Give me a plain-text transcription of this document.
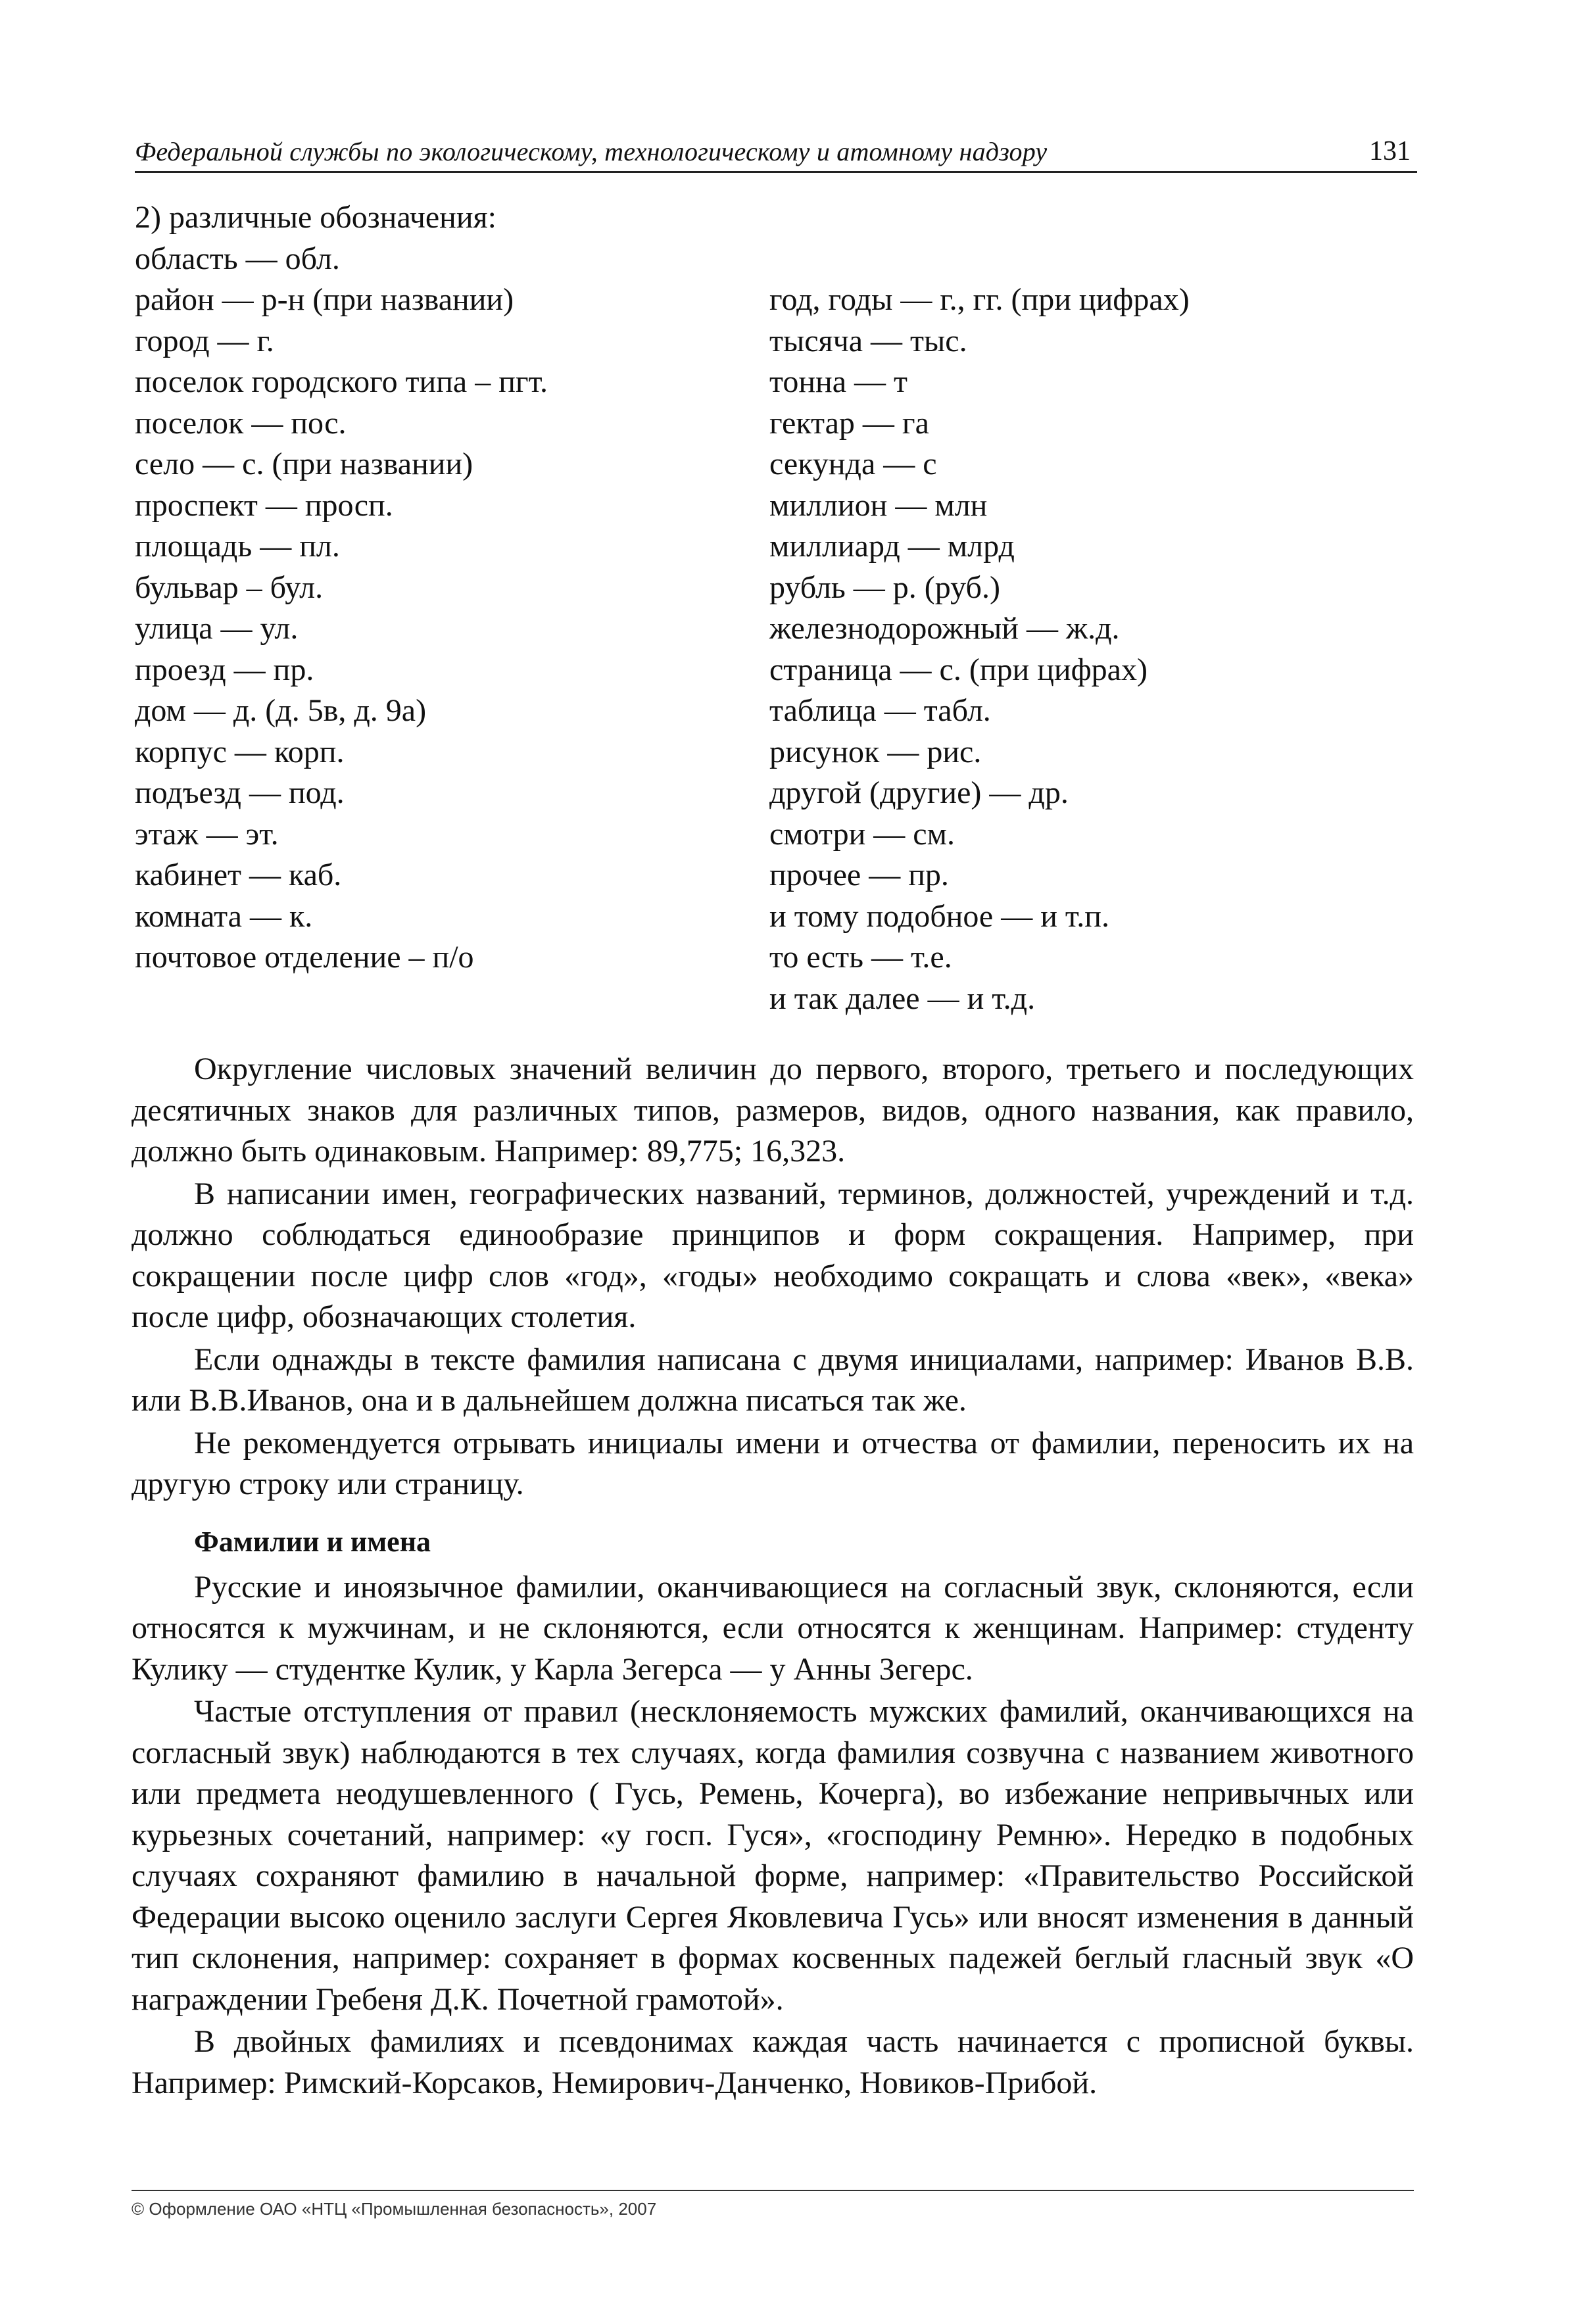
Федеральной службы по экологическому, технологическому и атомному надзору	131
2) различные обозначения:
область — обл.
район — р-н (при названии)
город — г.
поселок городского типа – пгт.
поселок — пос.
село — с. (при названии)
проспект — просп.
площадь — пл.
бульвар – бул.
улица — ул.
проезд — пр.
дом — д. (д. 5в, д. 9а)
корпус — корп.
подъезд — под.
этаж — эт.
кабинет — каб.
комната — к.
почтовое отделение – п/о
год, годы — г., гг. (при цифрах)
тысяча — тыс.
тонна — т
гектар — га
секунда — с
миллион — млн
миллиард — млрд
рубль — р. (руб.)
железнодорожный — ж.д.
страница — с. (при цифрах)
таблица — табл.
рисунок — рис.
другой (другие) — др.
смотри — см.
прочее — пр.
и тому подобное — и т.п.
то есть — т.е.
и так далее — и т.д.

Округление числовых значений величин до первого, второго, третьего и последующих десятичных знаков для различных типов, размеров, видов, одного названия, как правило, должно быть одинаковым. Например: 89,775; 16,323.

В написании имен, географических названий, терминов, должностей, учреждений и т.д. должно соблюдаться единообразие принципов и форм сокращения. Например, при сокращении после цифр слов «год», «годы» необходимо сокращать и слова «век», «века» после цифр, обозначающих столетия.

Если однажды в тексте фамилия написана с двумя инициалами, например: Иванов В.В. или В.В.Иванов, она и в дальнейшем должна писаться так же.

Не рекомендуется отрывать инициалы имени и отчества от фамилии, переносить их на другую строку или страницу.

Фамилии и имена

Русские и иноязычное фамилии, оканчивающиеся на согласный звук, склоняются, если относятся к мужчинам, и не склоняются, если относятся к женщинам. Например: студенту Кулику — студентке Кулик, у Карла Зегерса — у Анны Зегерс.

Частые отступления от правил (несклоняемость мужских фамилий, оканчивающихся на согласный звук) наблюдаются в тех случаях, когда фамилия созвучна с названием животного или предмета неодушевленного ( Гусь, Ремень, Кочерга), во избежание непривычных или курьезных сочетаний, например: «у госп. Гуся», «господину Ремню». Нередко в подобных случаях сохраняют фамилию в начальной форме, например: «Правительство Российской Федерации высоко оценило заслуги Сергея Яковлевича Гусь» или вносят изменения в данный тип склонения, например: сохраняет в формах косвенных падежей беглый гласный звук «О награждении Гребеня Д.К. Почетной грамотой».

В двойных фамилиях и псевдонимах каждая часть начинается с прописной буквы. Например: Римский-Корсаков, Немирович-Данченко, Новиков-Прибой.

© Оформление ОАО «НТЦ «Промышленная безопасность», 2007
